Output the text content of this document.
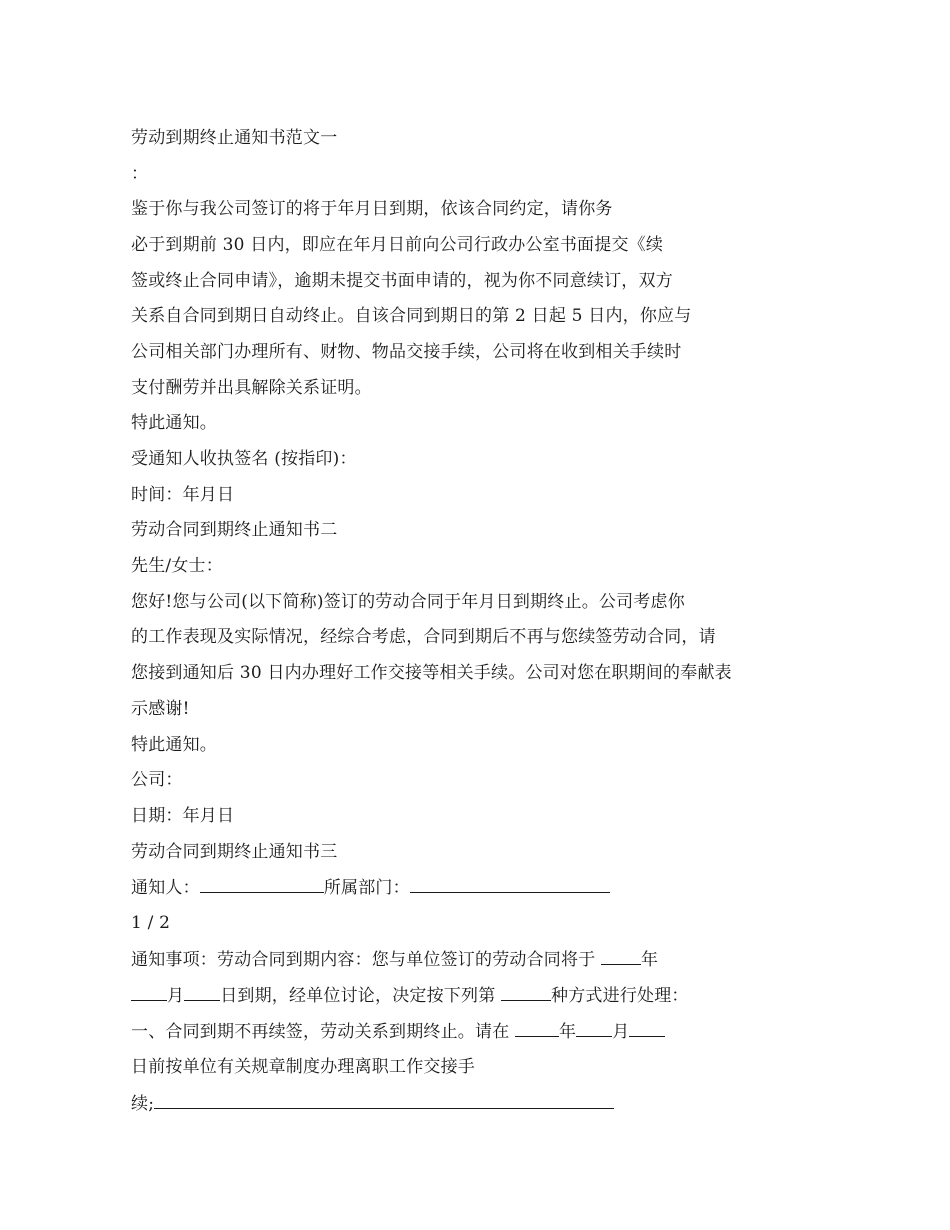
劳动到期终止通知书范文一
：
鉴于你与我公司签订的将于年月日到期，依该合同约定，请你务
必于到期前 30 日内，即应在年月日前向公司行政办公室书面提交《续
签或终止合同申请》，逾期未提交书面申请的，视为你不同意续订，双方
关系自合同到期日自动终止。自该合同到期日的第 2 日起 5 日内，你应与
公司相关部门办理所有、财物、物品交接手续，公司将在收到相关手续时
支付酬劳并出具解除关系证明。
特此通知。
受通知人收执签名 (按指印)：
时间：年月日
劳动合同到期终止通知书二
先生/女士：
您好!您与公司(以下简称)签订的劳动合同于年月日到期终止。公司考虑你
的工作表现及实际情况，经综合考虑，合同到期后不再与您续签劳动合同，请
您接到通知后 30 日内办理好工作交接等相关手续。公司对您在职期间的奉献表
示感谢!
特此通知。
公司：
日期：年月日
劳动合同到期终止通知书三
通知人：	所属部门：
1 / 2
通知事项：劳动合同到期内容：您与单位签订的劳动合同将于	年
月 日到期，经单位讨论，决定按下列第	种方式进行处理：
一、合同到期不再续签，劳动关系到期终止。请在	年 月
日前按单位有关规章制度办理离职工作交接手
续;
